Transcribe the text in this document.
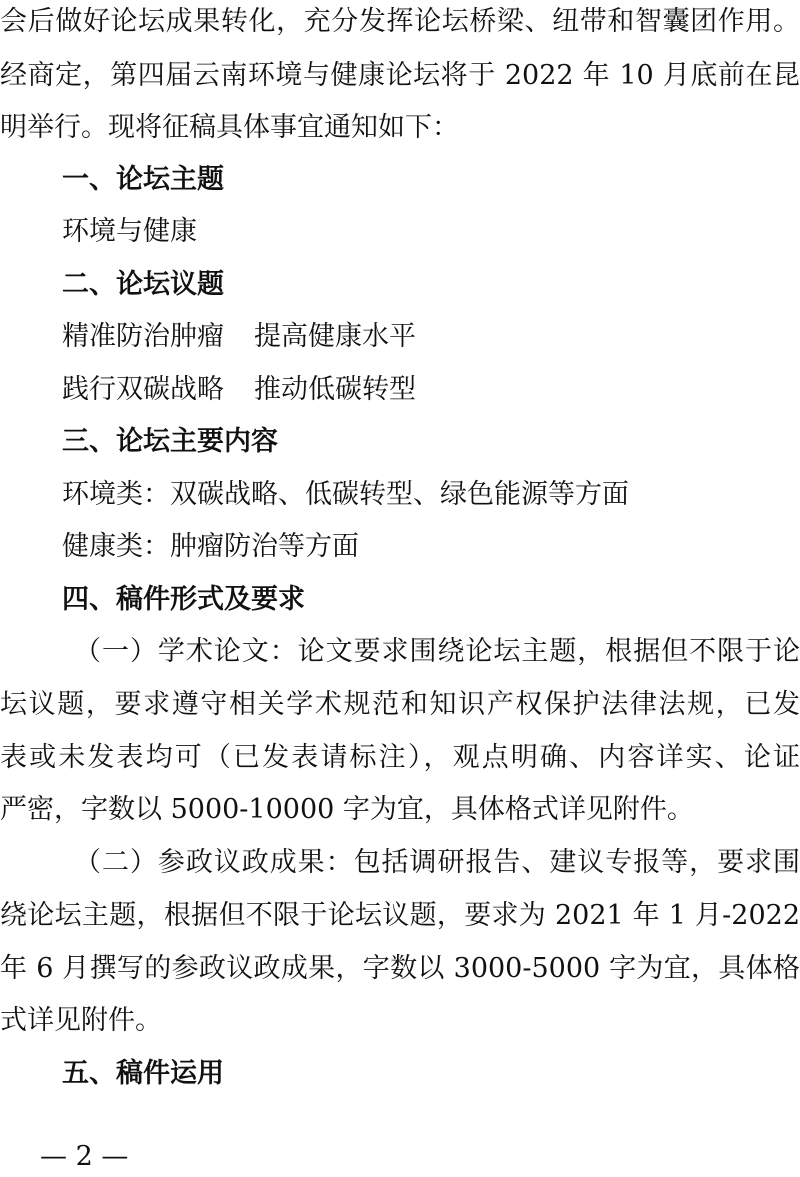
会后做好论坛成果转化，充分发挥论坛桥梁、纽带和智囊团作用。
经商定，第四届云南环境与健康论坛将于 2022 年 10 月底前在昆
明举行。现将征稿具体事宜通知如下：
一、论坛主题
环境与健康
二、论坛议题
精准防治肿瘤 提高健康水平
践行双碳战略 推动低碳转型
三、论坛主要内容
环境类：双碳战略、低碳转型、绿色能源等方面
健康类：肿瘤防治等方面
四、稿件形式及要求
（一）学术论文：论文要求围绕论坛主题，根据但不限于论
坛议题，要求遵守相关学术规范和知识产权保护法律法规，已发
表或未发表均可（已发表请标注），观点明确、内容详实、论证
严密，字数以 5000-10000 字为宜，具体格式详见附件。
（二）参政议政成果：包括调研报告、建议专报等，要求围
绕论坛主题，根据但不限于论坛议题，要求为 2021 年 1 月-2022
年 6 月撰写的参政议政成果，字数以 3000-5000 字为宜，具体格
式详见附件。
五、稿件运用
— 2 —
